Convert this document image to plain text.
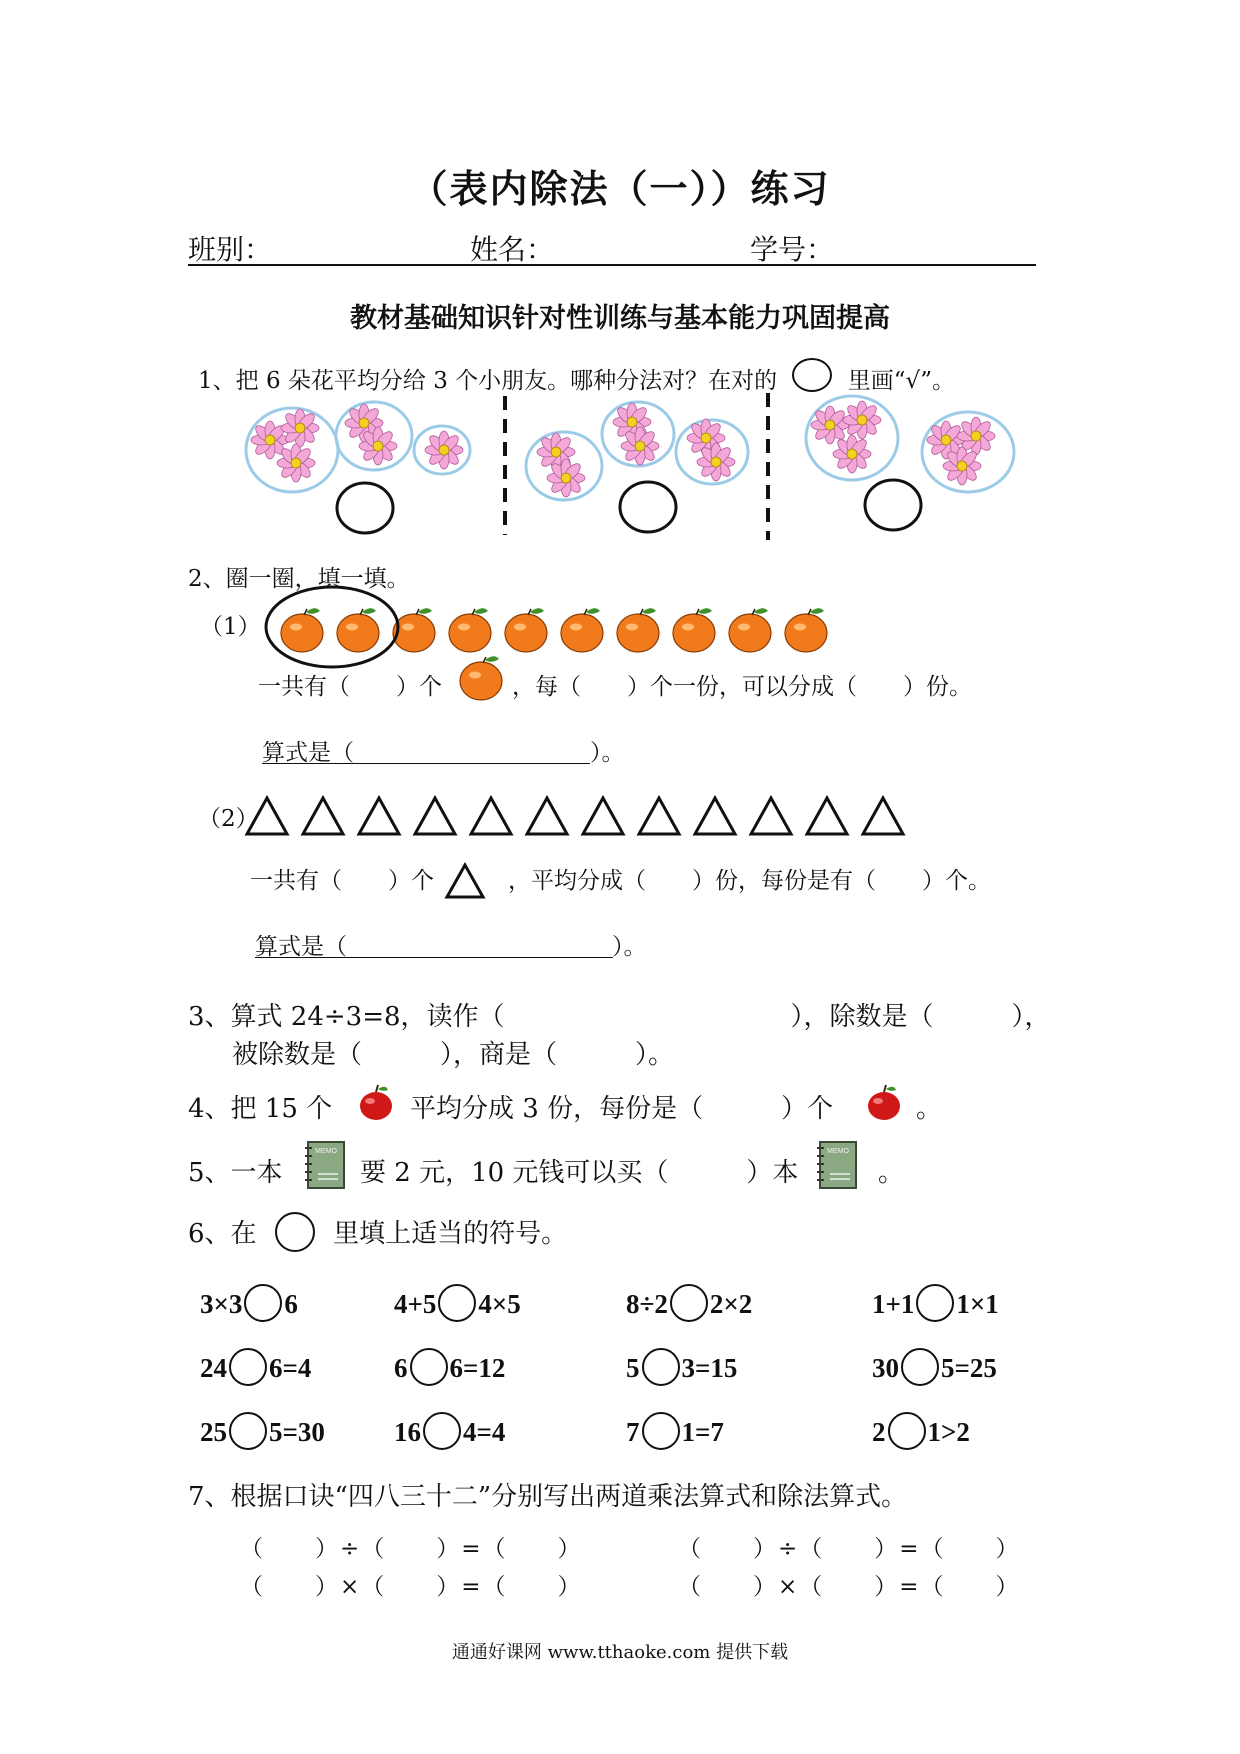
（表内除法（一））练习
班别：	姓名：	学号：
教材基础知识针对性训练与基本能力巩固提高
1、把 6 朵花平均分给 3 个小朋友。哪种分法对？在对的	里画“√”。
2、圈一圈，填一填。
（1）
一共有（　　）个	，每（　　）个一份，可以分成（　　）份。
算式是（	）。
（2）
一共有（　　）个	，平均分成（　　）份，每份是有（　　）个。
算式是（	）。
3、算式 24÷3=8，读作（　　　　　　　　　　　），除数是（　　　），
被除数是（　　　），商是（　　　）。
4、把 15 个	平均分成 3 份，每份是（　　　）个	。
5、一本
MEMO
要 2 元，10 元钱可以买（　　　）本
MEMO
。
6、在	里填上适当的符号。
3×3 6	4+5 4×5	8÷2 2×2	1+1 1×1
24 6=4	6 6=12	5 3=15	30 5=25
25 5=30	16 4=4	7 1=7	2 1>2
7、根据口诀“四八三十二”分别写出两道乘法算式和除法算式。
（　　）÷（　　）=（　　）	（　　）÷（　　）=（　　）
（　　）×（　　）=（　　）	（　　）×（　　）=（　　）
通通好课网 www.tthaoke.com 提供下载
